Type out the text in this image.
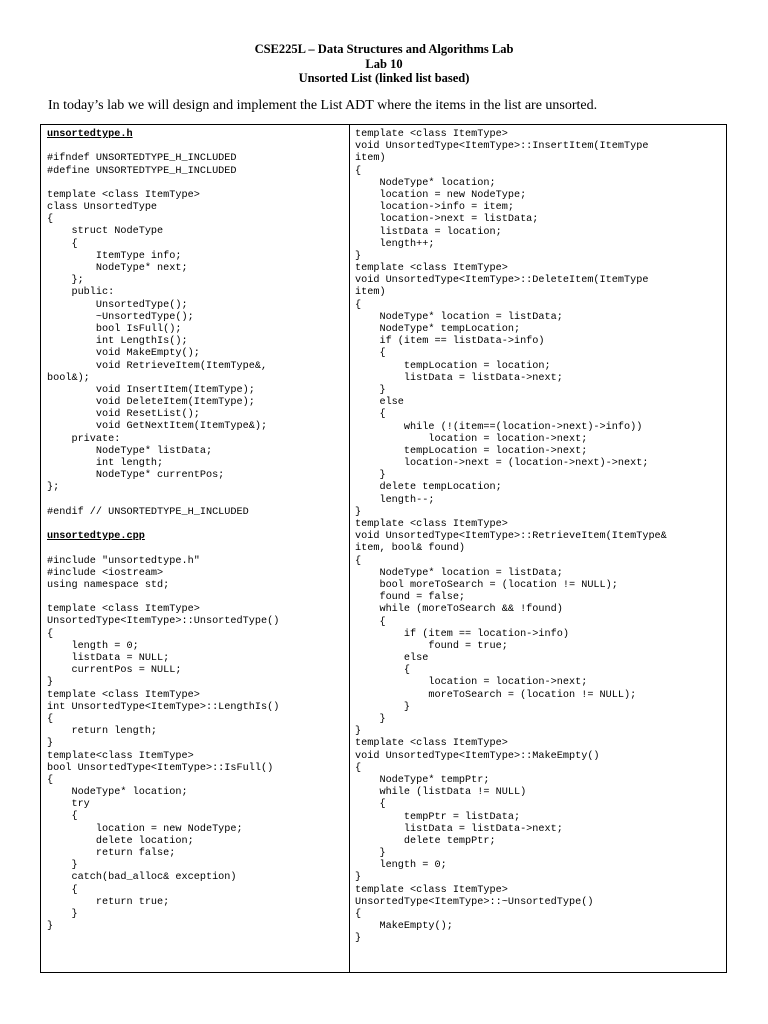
CSE225L – Data Structures and Algorithms Lab
Lab 10
Unsorted List (linked list based)
In today’s lab we will design and implement the List ADT where the items in the list are unsorted.
unsortedtype.h
#ifndef UNSORTEDTYPE_H_INCLUDED
#define UNSORTEDTYPE_H_INCLUDED

template <class ItemType>
class UnsortedType
{
struct NodeType
{
ItemType info;
NodeType* next;
};
public:
UnsortedType();
~UnsortedType();
bool IsFull();
int LengthIs();
void MakeEmpty();
void RetrieveItem(ItemType&,
bool&);
void InsertItem(ItemType);
void DeleteItem(ItemType);
void ResetList();
void GetNextItem(ItemType&);
private:
NodeType* listData;
int length;
NodeType* currentPos;
};

#endif // UNSORTEDTYPE_H_INCLUDED
unsortedtype.cpp
#include "unsortedtype.h"
#include <iostream>
using namespace std;

template <class ItemType>
UnsortedType<ItemType>::UnsortedType()
{
length = 0;
listData = NULL;
currentPos = NULL;
}
template <class ItemType>
int UnsortedType<ItemType>::LengthIs()
{
return length;
}
template<class ItemType>
bool UnsortedType<ItemType>::IsFull()
{
NodeType* location;
try
{
location = new NodeType;
delete location;
return false;
}
catch(bad_alloc& exception)
{
return true;
}
}
template <class ItemType>
void UnsortedType<ItemType>::InsertItem(ItemType
item)
{
NodeType* location;
location = new NodeType;
location->info = item;
location->next = listData;
listData = location;
length++;
}
template <class ItemType>
void UnsortedType<ItemType>::DeleteItem(ItemType
item)
{
NodeType* location = listData;
NodeType* tempLocation;
if (item == listData->info)
{
tempLocation = location;
listData = listData->next;
}
else
{
while (!(item==(location->next)->info))
location = location->next;
tempLocation = location->next;
location->next = (location->next)->next;
}
delete tempLocation;
length--;
}
template <class ItemType>
void UnsortedType<ItemType>::RetrieveItem(ItemType&
item, bool& found)
{
NodeType* location = listData;
bool moreToSearch = (location != NULL);
found = false;
while (moreToSearch && !found)
{
if (item == location->info)
found = true;
else
{
location = location->next;
moreToSearch = (location != NULL);
}
}
}
template <class ItemType>
void UnsortedType<ItemType>::MakeEmpty()
{
NodeType* tempPtr;
while (listData != NULL)
{
tempPtr = listData;
listData = listData->next;
delete tempPtr;
}
length = 0;
}
template <class ItemType>
UnsortedType<ItemType>::~UnsortedType()
{
MakeEmpty();
}
